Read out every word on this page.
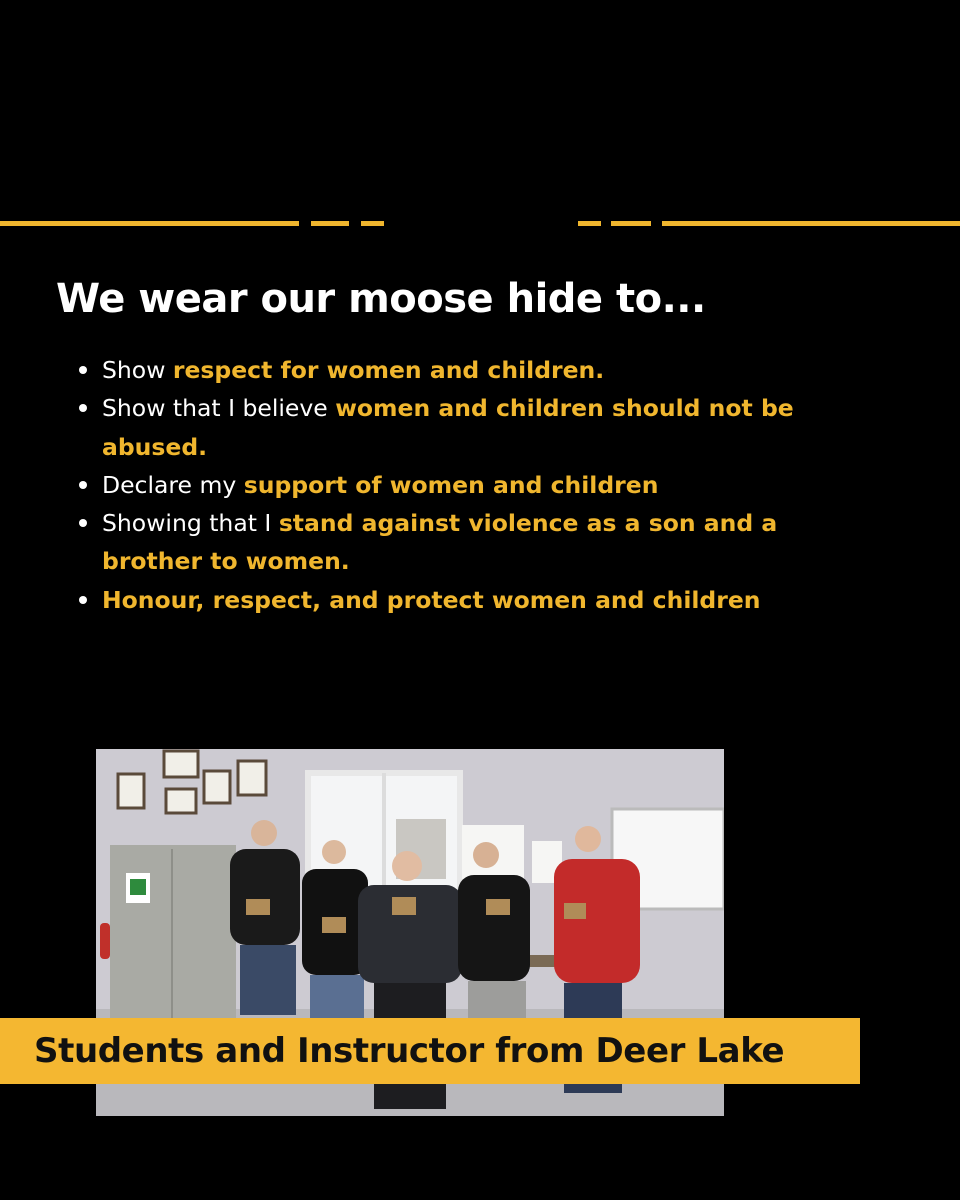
We wear our moose hide to...
Show respect for women and children.
Show that I believe women and children should not be abused.
Declare my support of women and children
Showing that I stand against violence as a son and a brother to women.
Honour, respect, and protect women and children
Students and Instructor from Deer Lake
